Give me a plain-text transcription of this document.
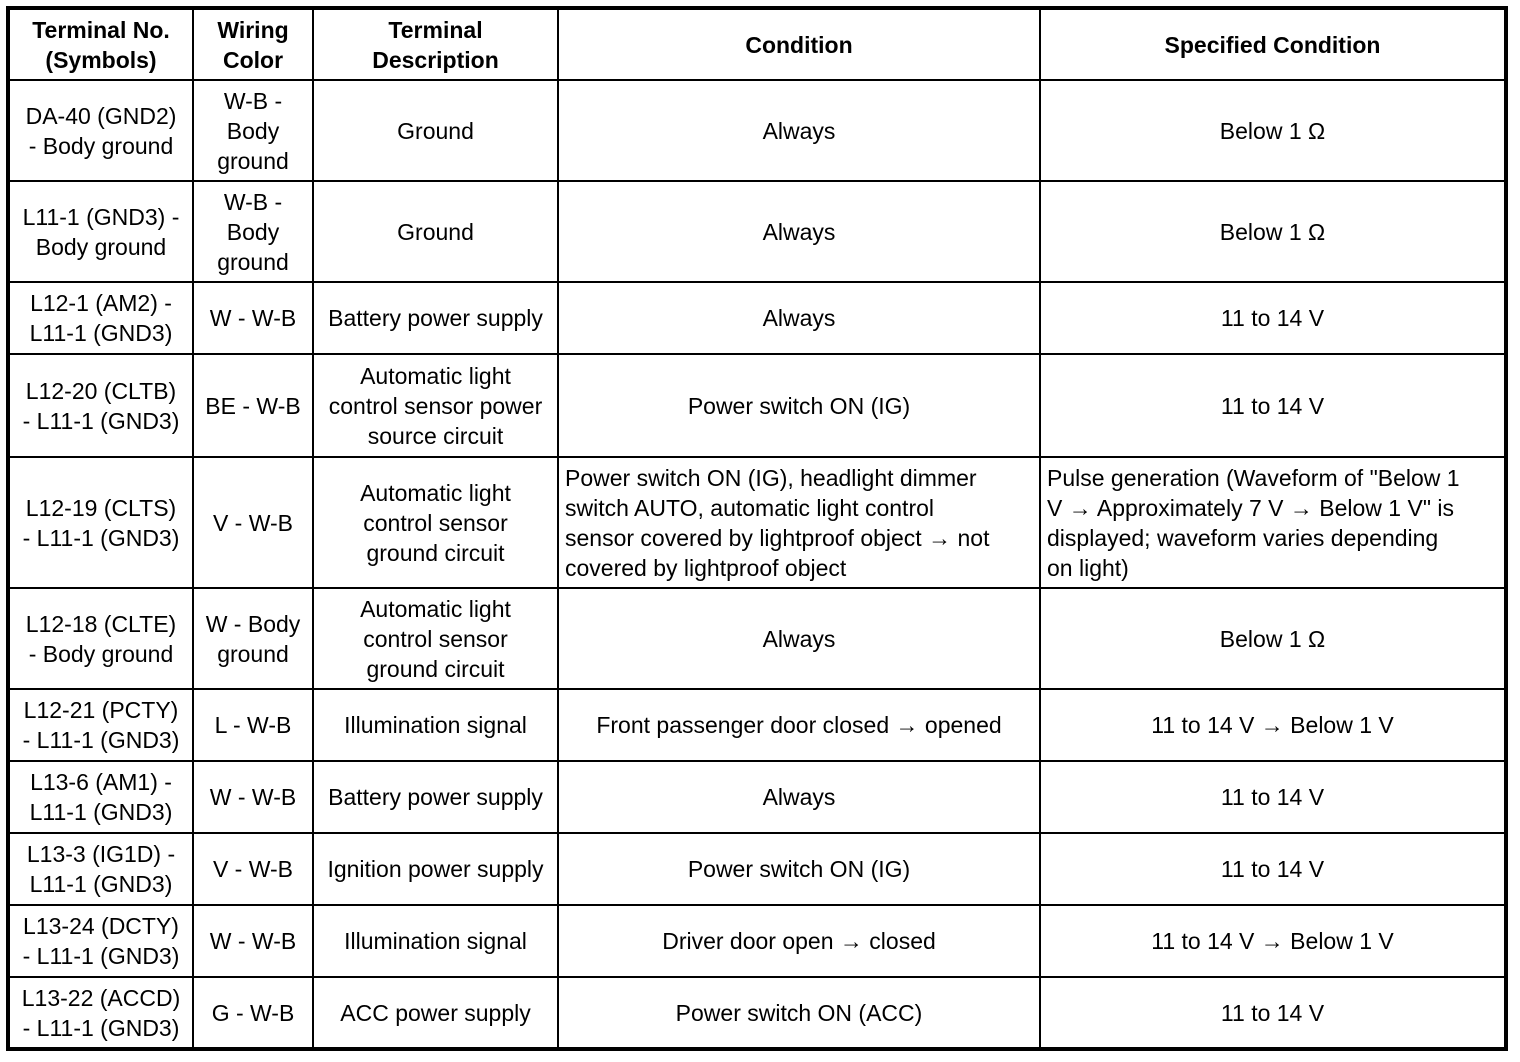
Terminal No.
(Symbols)	Wiring
Color	Terminal
Description	Condition	Specified Condition
DA-40 (GND2)
- Body ground	W-B -
Body
ground	Ground	Always	Below 1 Ω
L11-1 (GND3) -
Body ground	W-B -
Body
ground	Ground	Always	Below 1 Ω
L12-1 (AM2) -
L11-1 (GND3)	W - W-B	Battery power supply	Always	11 to 14 V
L12-20 (CLTB)
- L11-1 (GND3)	BE - W-B	Automatic light
control sensor power
source circuit	Power switch ON (IG)	11 to 14 V
L12-19 (CLTS)
- L11-1 (GND3)	V - W-B	Automatic light
control sensor
ground circuit	Power switch ON (IG), headlight dimmer
switch AUTO, automatic light control
sensor covered by lightproof object → not
covered by lightproof object	Pulse generation (Waveform of "Below 1
V → Approximately 7 V → Below 1 V" is
displayed; waveform varies depending
on light)
L12-18 (CLTE)
- Body ground	W - Body
ground	Automatic light
control sensor
ground circuit	Always	Below 1 Ω
L12-21 (PCTY)
- L11-1 (GND3)	L - W-B	Illumination signal	Front passenger door closed → opened	11 to 14 V → Below 1 V
L13-6 (AM1) -
L11-1 (GND3)	W - W-B	Battery power supply	Always	11 to 14 V
L13-3 (IG1D) -
L11-1 (GND3)	V - W-B	Ignition power supply	Power switch ON (IG)	11 to 14 V
L13-24 (DCTY)
- L11-1 (GND3)	W - W-B	Illumination signal	Driver door open → closed	11 to 14 V → Below 1 V
L13-22 (ACCD)
- L11-1 (GND3)	G - W-B	ACC power supply	Power switch ON (ACC)	11 to 14 V
